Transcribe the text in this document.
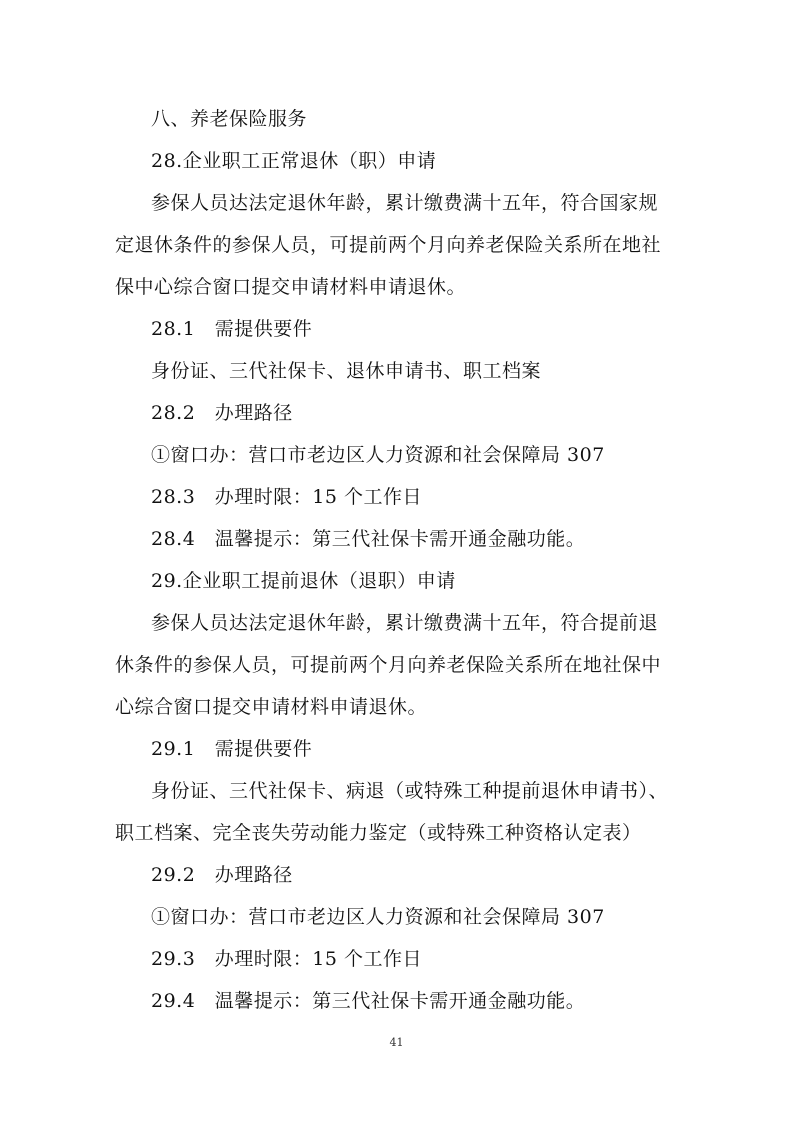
八、养老保险服务
28.企业职工正常退休（职）申请
参保人员达法定退休年龄，累计缴费满十五年，符合国家规
定退休条件的参保人员，可提前两个月向养老保险关系所在地社
保中心综合窗口提交申请材料申请退休。
28.1　需提供要件
身份证、三代社保卡、退休申请书、职工档案
28.2　办理路径
①窗口办：营口市老边区人力资源和社会保障局 307
28.3　办理时限：15 个工作日
28.4　温馨提示：第三代社保卡需开通金融功能。
29.企业职工提前退休（退职）申请
参保人员达法定退休年龄，累计缴费满十五年，符合提前退
休条件的参保人员，可提前两个月向养老保险关系所在地社保中
心综合窗口提交申请材料申请退休。
29.1　需提供要件
身份证、三代社保卡、病退（或特殊工种提前退休申请书）、
职工档案、完全丧失劳动能力鉴定（或特殊工种资格认定表）
29.2　办理路径
①窗口办：营口市老边区人力资源和社会保障局 307
29.3　办理时限：15 个工作日
29.4　温馨提示：第三代社保卡需开通金融功能。
41
